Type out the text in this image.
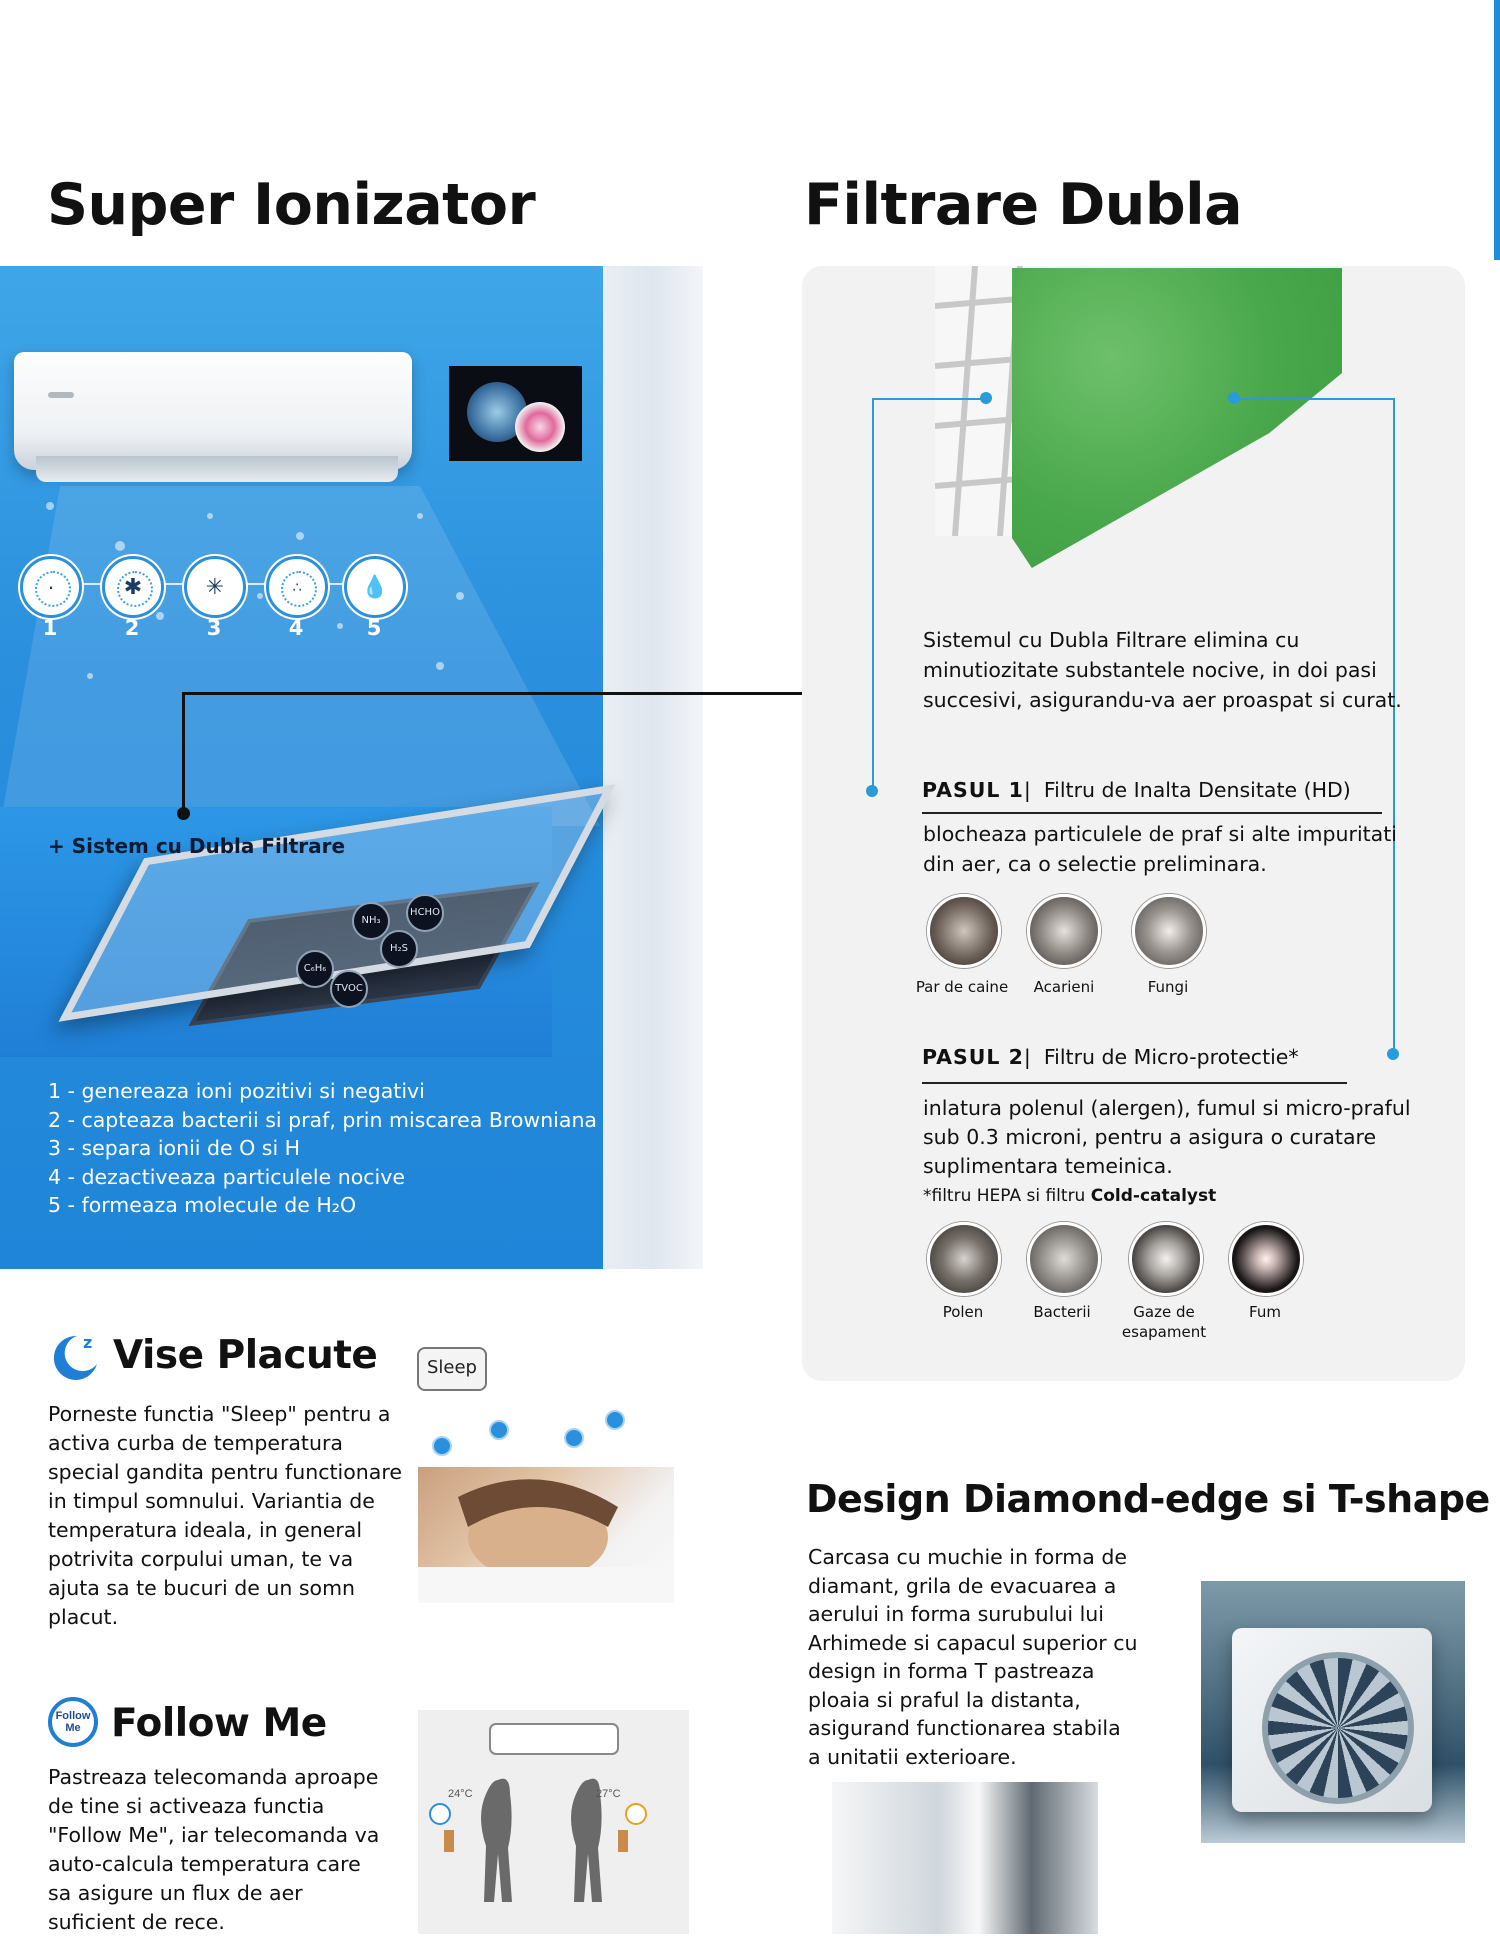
Super Ionizator
·	✱	✳	∴	💧
1	2	3	4	5
C₆H₆
TVOC
H₂S
NH₃
HCHO
+ Sistem cu Dubla Filtrare
1 - genereaza ioni pozitivi si negativi
2 - capteaza bacterii si praf, prin miscarea Browniana
3 - separa ionii de O si H
4 - dezactiveaza particulele nocive
5 - formeaza molecule de H₂O
Filtrare Dubla
Sistemul cu Dubla Filtrare elimina cu minutiozitate substantele nocive, in doi pasi succesivi, asigurandu-va aer proaspat si curat.
PASUL 1|  Filtru de Inalta Densitate (HD)
blocheaza particulele de praf si alte impuritati din aer, ca o selectie preliminara.
Par de caine	Acarieni	Fungi
PASUL 2|  Filtru de Micro-protectie*
inlatura polenul (alergen), fumul si micro-praful sub 0.3 microni, pentru a asigura o curatare suplimentara temeinica.
*filtru HEPA si filtru Cold-catalyst
Polen	Bacterii	Gaze de esapament
Fum
z Vise Placute
Porneste functia "Sleep" pentru a activa curba de temperatura special gandita pentru functionare in timpul somnului. Variantia de temperatura ideala, in general potrivita corpului uman, te va ajuta sa te bucuri de un somn placut.
Sleep
Follow
Me Follow Me
Pastreaza telecomanda aproape de tine si activeaza functia "Follow Me", iar telecomanda va auto-calcula temperatura care sa asigure un flux de aer suficient de rece.
24°C	27°C
Design Diamond-edge si T-shape
Carcasa cu muchie in forma de diamant, grila de evacuarea a aerului in forma surubului lui Arhimede si capacul superior cu design in forma T pastreaza ploaia si praful la distanta, asigurand functionarea stabila a unitatii exterioare.
